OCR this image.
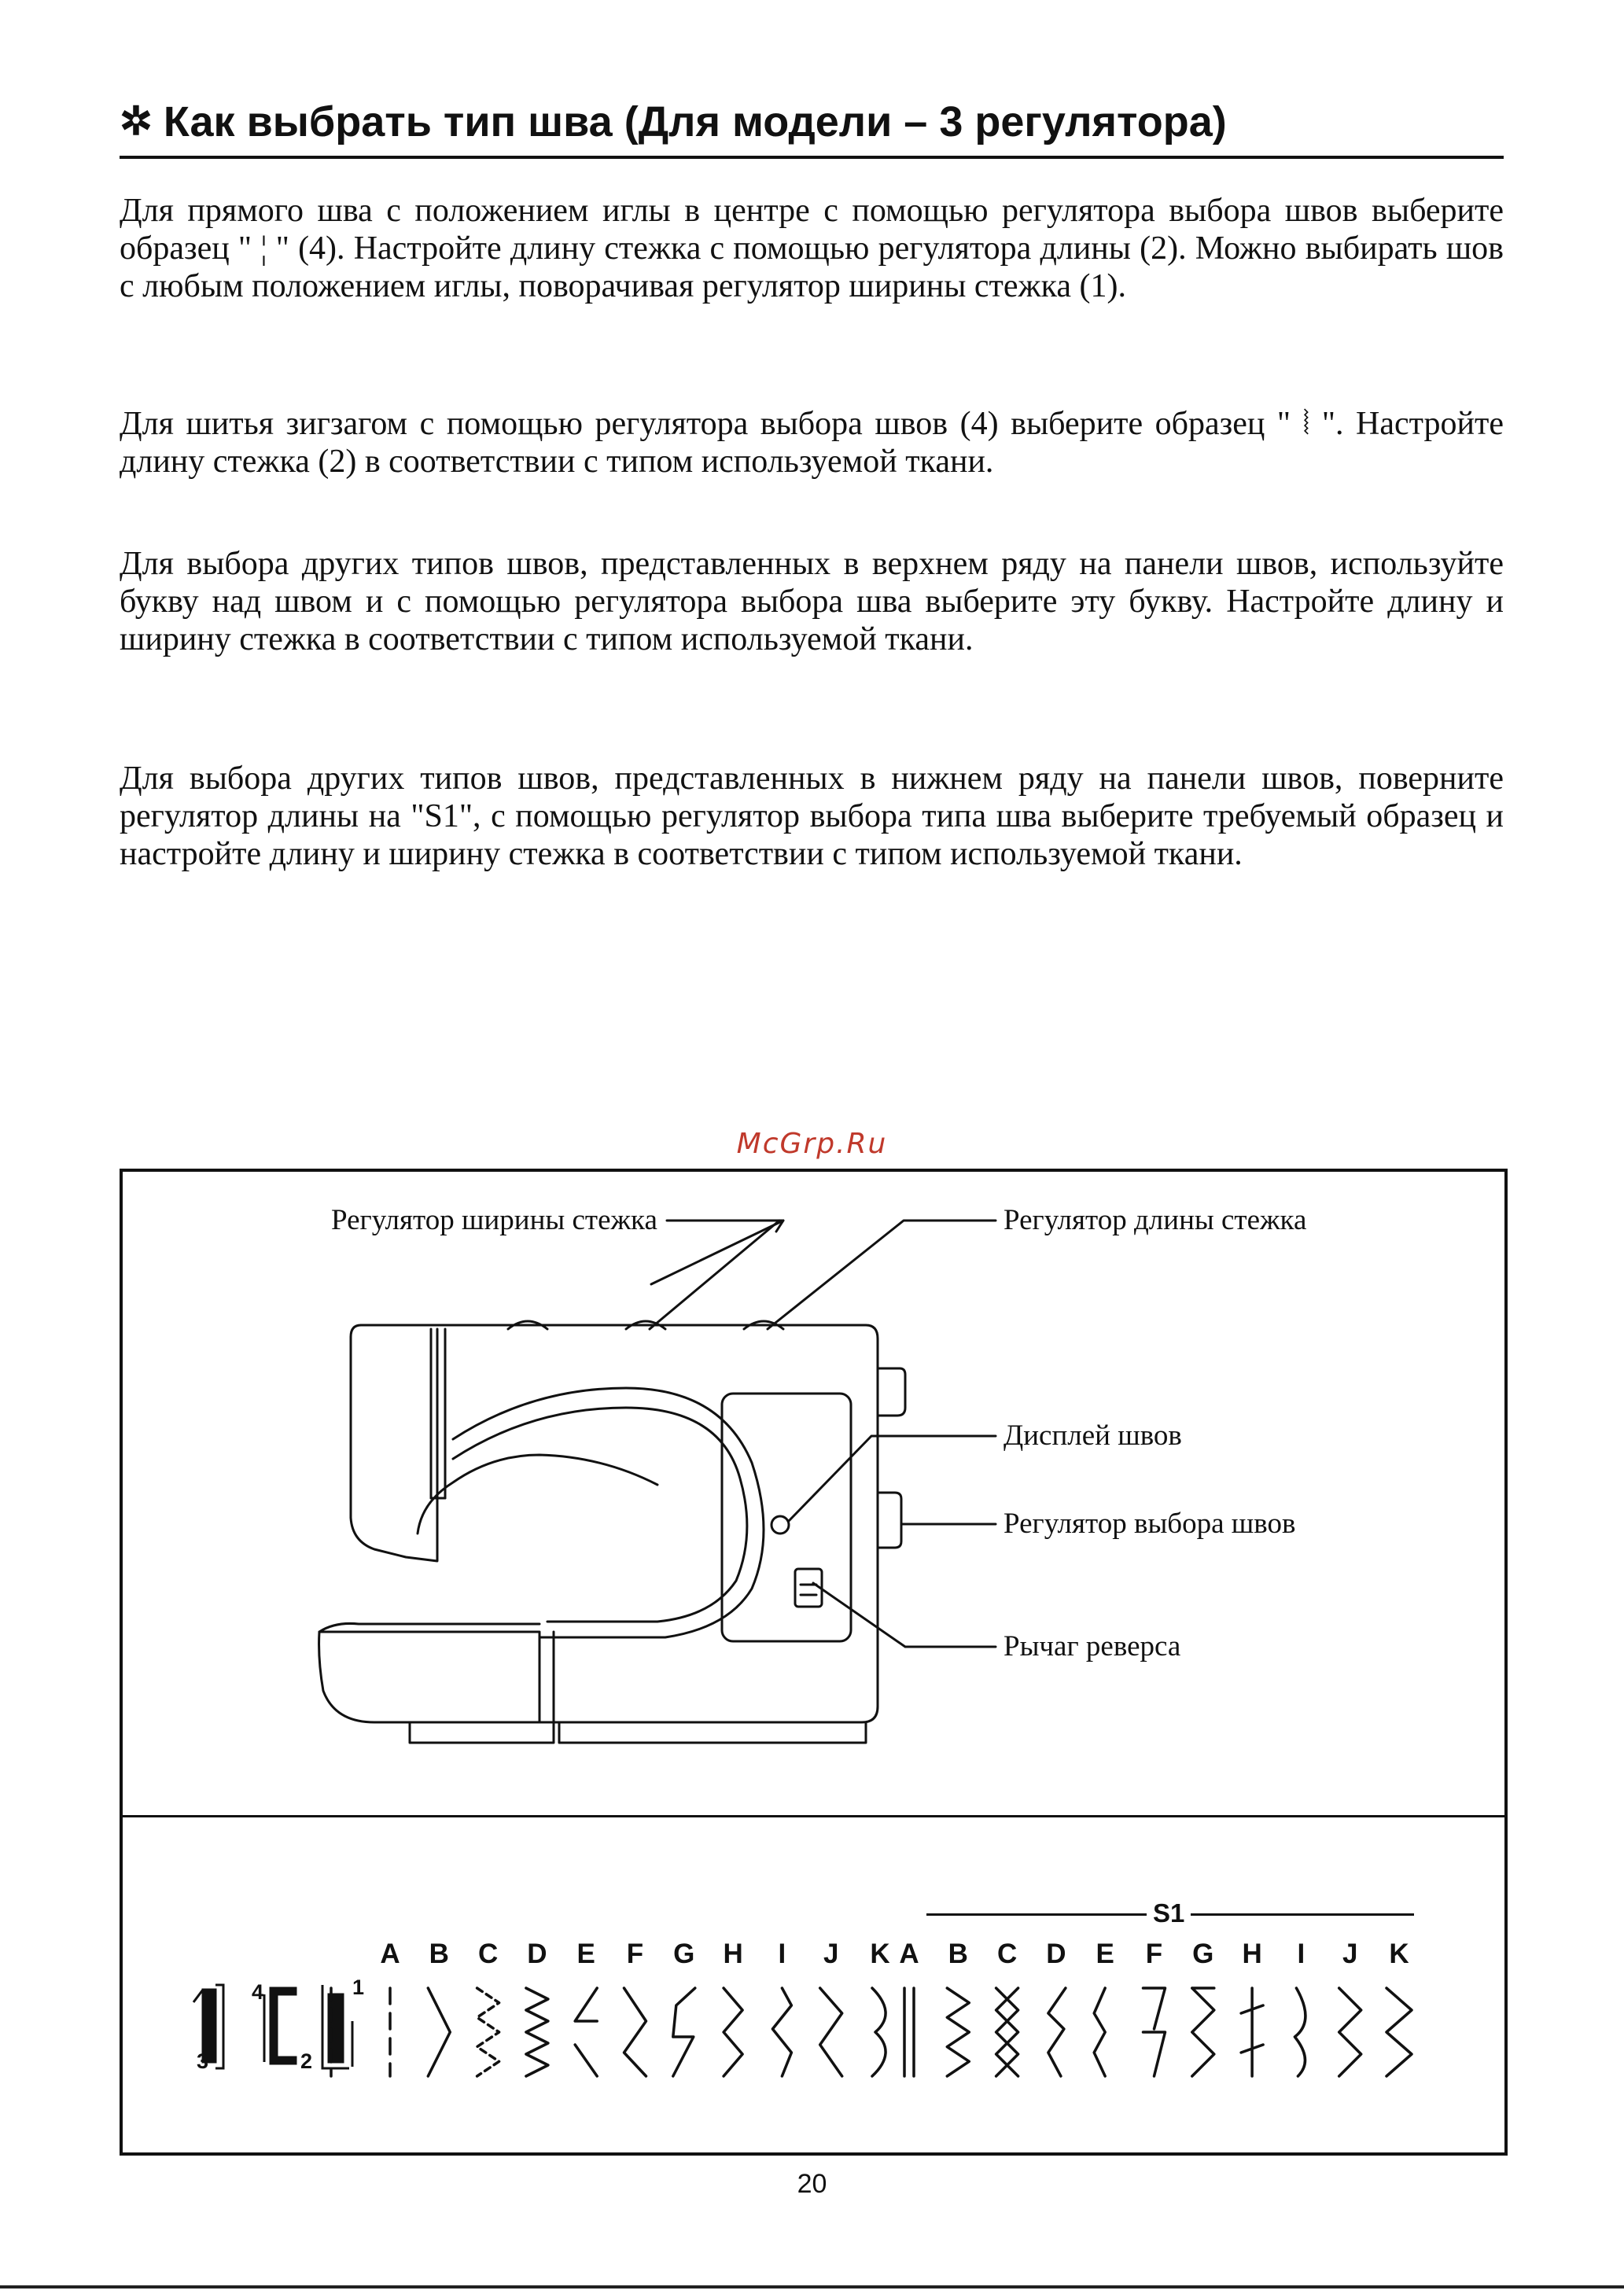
✲ Как выбрать тип шва (Для модели – 3 регулятора)

Для прямого шва с положением иглы в центре с помощью регулятора выбора швов выберите образец " ¦ " (4). Настройте длину стежка с помощью регулятора длины (2). Можно выбирать шов с любым положением иглы, поворачивая регулятор ширины стежка (1).

Для шитья зигзагом с помощью регулятора выбора швов (4) выберите образец " ⦚ ". Настройте длину стежка (2) в соответствии с типом используемой ткани.

Для выбора других типов швов, представленных в верхнем ряду на панели швов, используйте букву над швом и с помощью регулятора выбора шва выберите эту букву. Настройте длину и ширину стежка в соответствии с типом используемой ткани.

Для выбора других типов швов, представленных в нижнем ряду на панели швов, поверните регулятор длины на "S1", с помощью регулятор выбора типа шва выберите требуемый образец и настройте длину и ширину стежка в соответствии с типом используемой ткани.

McGrp.Ru
Регулятор ширины стежка	Регулятор длины стежка
Дисплей швов
Регулятор выбора швов
Рычаг реверса
4	1
3	2
S1
A B C D E F G H	I	J K A B C D E F G H	I	J K
20
